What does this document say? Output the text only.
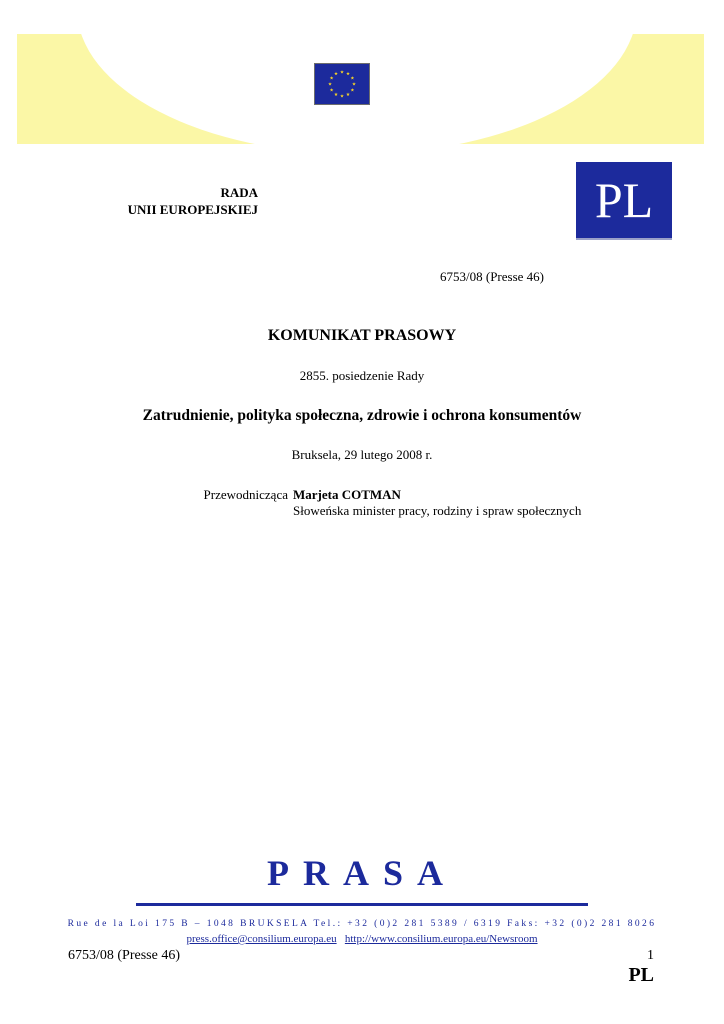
RADA
UNII EUROPEJSKIEJ	PL
6753/08 (Presse 46)
KOMUNIKAT PRASOWY
2855. posiedzenie Rady
Zatrudnienie, polityka społeczna, zdrowie i ochrona konsumentów
Bruksela, 29 lutego 2008 r.
Przewodnicząca Marjeta COTMAN
Słoweńska minister pracy, rodziny i spraw społecznych
PRASA
Rue de la Loi 175 B – 1048 BRUKSELA Tel.: +32 (0)2 281 5389 / 6319 Faks: +32 (0)2 281 8026
press.office@consilium.europa.eu http://www.consilium.europa.eu/Newsroom
6753/08 (Presse 46)	1
PL
